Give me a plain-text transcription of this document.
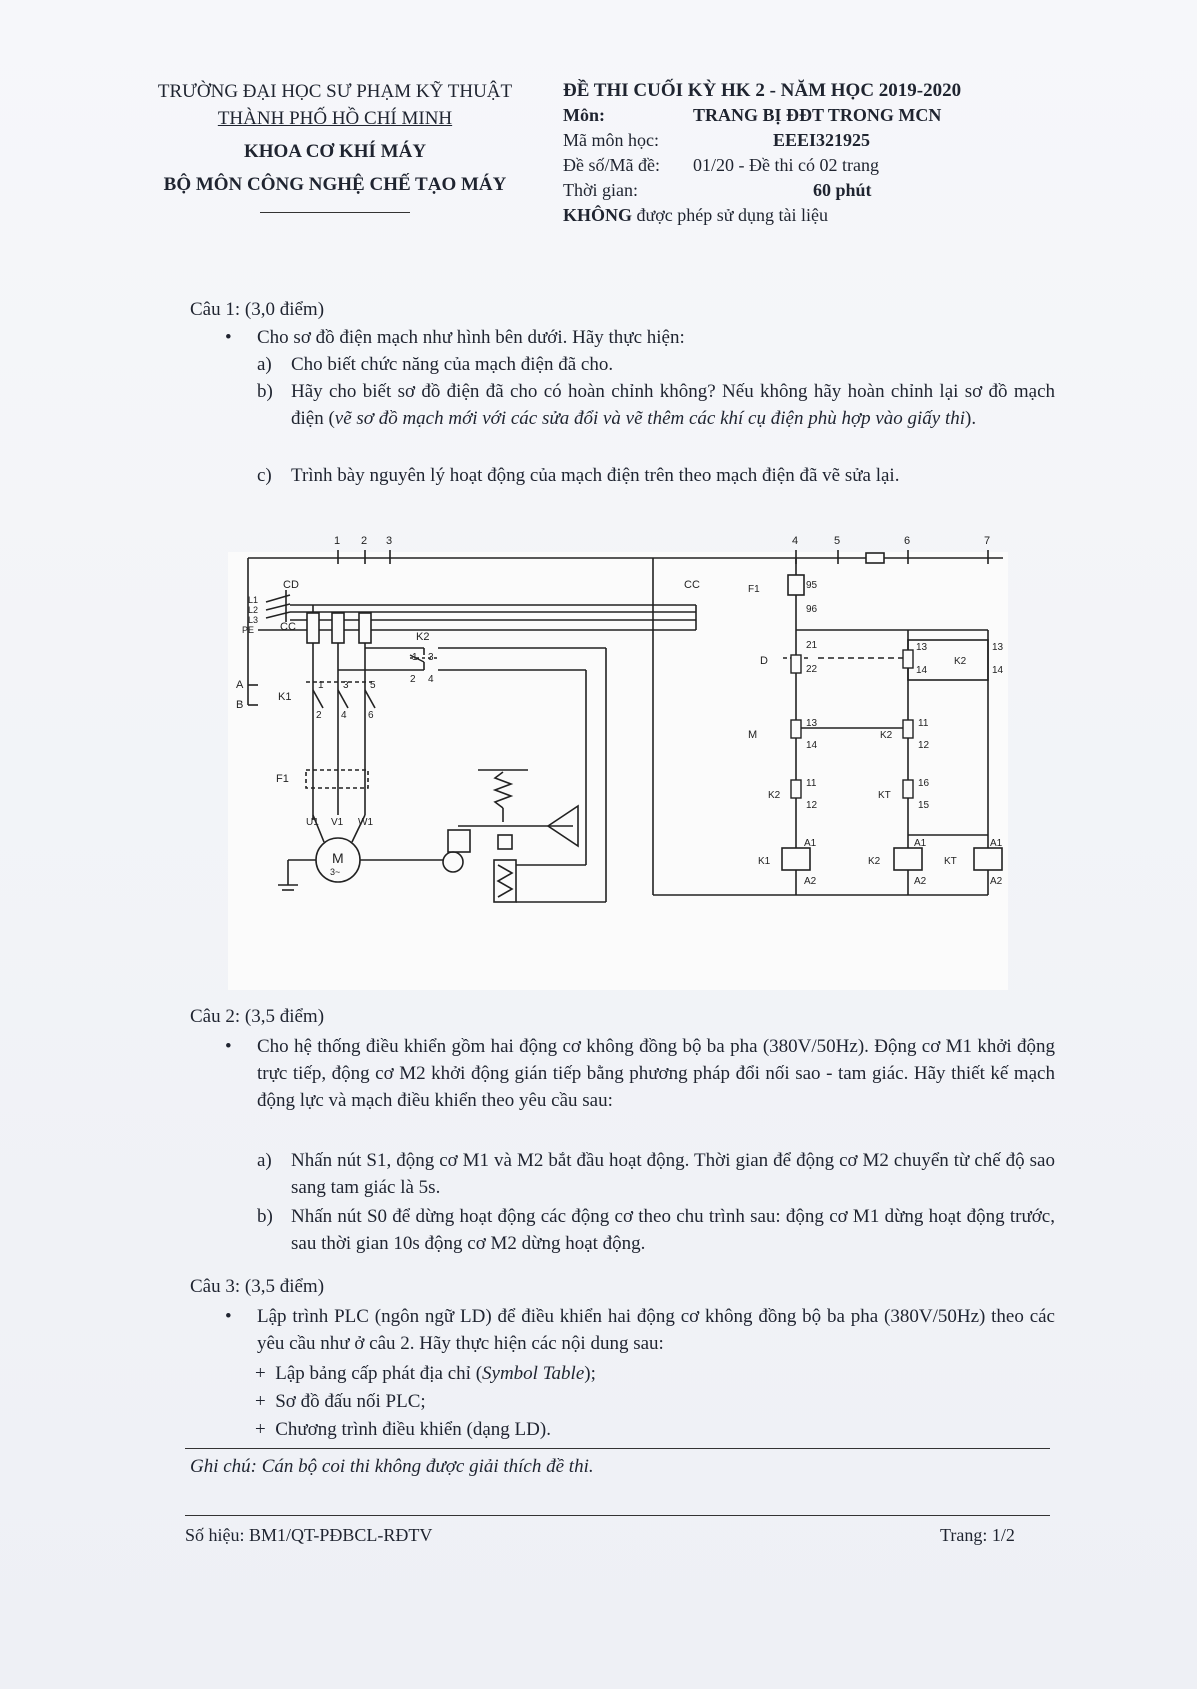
TRƯỜNG ĐẠI HỌC SƯ PHẠM KỸ THUẬT
THÀNH PHỐ HỒ CHÍ MINH
KHOA CƠ KHÍ MÁY
BỘ MÔN CÔNG NGHỆ CHẾ TẠO MÁY
ĐỀ THI CUỐI KỲ HK 2 - NĂM HỌC 2019-2020
Môn:	TRANG BỊ ĐĐT TRONG MCN
Mã môn học:	EEEI321925
Đề số/Mã đề:	01/20 - Đề thi có 02 trang
Thời gian:	60 phút
KHÔNG
được phép sử dụng tài liệu
Câu 1: (3,0 điểm)
• Cho sơ đồ điện mạch như hình bên dưới. Hãy thực hiện:
a) Cho biết chức năng của mạch điện đã cho.
b) Hãy cho biết sơ đồ điện đã cho có hoàn chỉnh không? Nếu không hãy hoàn chỉnh lại sơ đồ mạch điện (vẽ sơ đồ mạch mới với các sửa đổi và vẽ thêm các khí cụ điện phù hợp vào giấy thi).
c) Trình bày nguyên lý hoạt động của mạch điện trên theo mạch điện đã vẽ sửa lại.
1 2 3	4	5	6	7
CD
L1
L2
L3
PE
A
B
CC
CC
K2
1 3
2 4
K1
1 3 5
2 4 6
F1
U1 V1 W1
M
3~
F1	95
96
D
21
22
13
14
K2
13
14
M
13
14
K2
11
12
K2
11
12
KT
16
15
A1
A2
K1
A1
A2
K2
A1
A2
KT
Câu 2: (3,5 điểm)
• Cho hệ thống điều khiển gồm hai động cơ không đồng bộ ba pha (380V/50Hz). Động cơ M1 khởi động trực tiếp, động cơ M2 khởi động gián tiếp bằng phương pháp đổi nối sao - tam giác. Hãy thiết kế mạch động lực và mạch điều khiển theo yêu cầu sau:
a) Nhấn nút S1, động cơ M1 và M2 bắt đầu hoạt động. Thời gian để động cơ M2 chuyển từ chế độ sao sang tam giác là 5s.
b) Nhấn nút S0 để dừng hoạt động các động cơ theo chu trình sau: động cơ M1 dừng hoạt động trước, sau thời gian 10s động cơ M2 dừng hoạt động.
Câu 3: (3,5 điểm)
• Lập trình PLC (ngôn ngữ LD) để điều khiển hai động cơ không đồng bộ ba pha (380V/50Hz) theo các yêu cầu như ở câu 2. Hãy thực hiện các nội dung sau:
+ Lập bảng cấp phát địa chỉ (Symbol Table);
+ Sơ đồ đấu nối PLC;
+ Chương trình điều khiển (dạng LD).
Ghi chú: Cán bộ coi thi không được giải thích đề thi.
Số hiệu: BM1/QT-PĐBCL-RĐTV	Trang: 1/2
